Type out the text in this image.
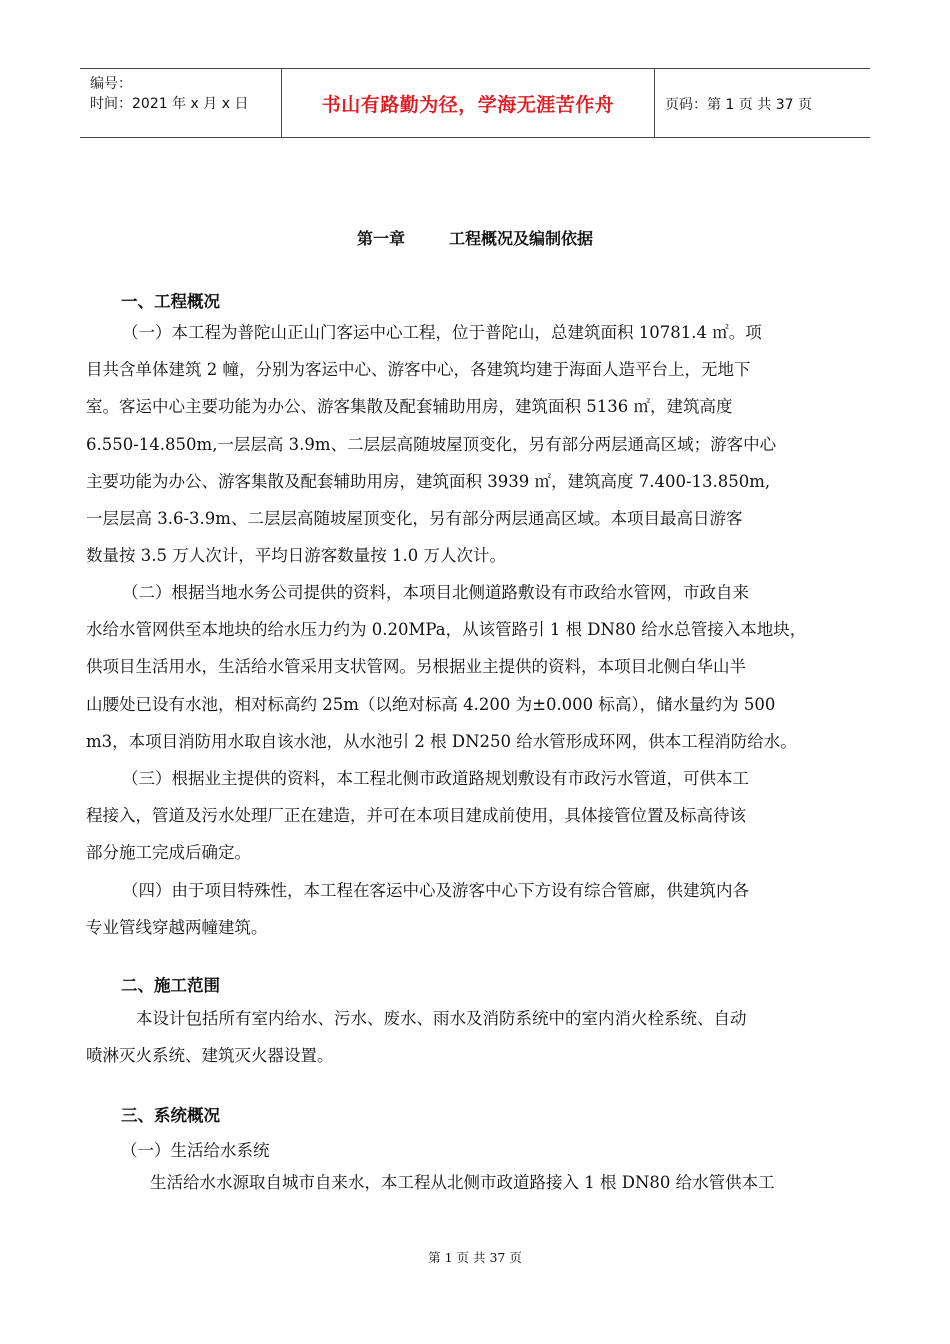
编号：
时间：2021 年 x 月 x 日	书山有路勤为径，学海无涯苦作舟	页码：第 1 页 共 37 页
第一章	工程概况及编制依据
一、工程概况
（一）本工程为普陀山正山门客运中心工程，位于普陀山，总建筑面积 10781.4 ㎡。项
目共含单体建筑 2 幢，分别为客运中心、游客中心，各建筑均建于海面人造平台上，无地下
室。客运中心主要功能为办公、游客集散及配套辅助用房，建筑面积 5136 ㎡，建筑高度
6.550-14.850m,一层层高 3.9m、二层层高随坡屋顶变化，另有部分两层通高区域；游客中心
主要功能为办公、游客集散及配套辅助用房，建筑面积 3939 ㎡，建筑高度 7.400-13.850m,
一层层高 3.6-3.9m、二层层高随坡屋顶变化，另有部分两层通高区域。本项目最高日游客
数量按 3.5 万人次计，平均日游客数量按 1.0 万人次计。
（二）根据当地水务公司提供的资料，本项目北侧道路敷设有市政给水管网，市政自来
水给水管网供至本地块的给水压力约为 0.20MPa，从该管路引 1 根 DN80 给水总管接入本地块，
供项目生活用水，生活给水管采用支状管网。另根据业主提供的资料，本项目北侧白华山半
山腰处已设有水池，相对标高约 25m（以绝对标高 4.200 为±0.000 标高），储水量约为 500
m3，本项目消防用水取自该水池，从水池引 2 根 DN250 给水管形成环网，供本工程消防给水。
（三）根据业主提供的资料，本工程北侧市政道路规划敷设有市政污水管道，可供本工
程接入，管道及污水处理厂正在建造，并可在本项目建成前使用，具体接管位置及标高待该
部分施工完成后确定。
（四）由于项目特殊性，本工程在客运中心及游客中心下方设有综合管廊，供建筑内各
专业管线穿越两幢建筑。
二、施工范围
本设计包括所有室内给水、污水、废水、雨水及消防系统中的室内消火栓系统、自动
喷淋灭火系统、建筑灭火器设置。
三、系统概况
（一）生活给水系统
生活给水水源取自城市自来水，本工程从北侧市政道路接入 1 根 DN80 给水管供本工
第 1 页 共 37 页
